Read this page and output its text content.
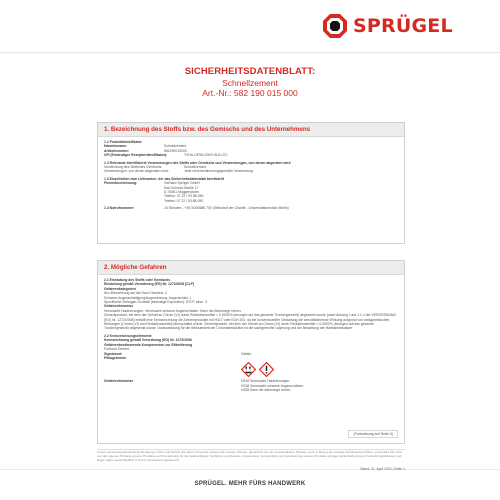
SPRÜGEL
SICHERHEITSDATENBLATT:
Schnellzement
Art.-Nr.: 582 190 015 000
1. Bezeichnung des Stoffs bzw. des Gemischs und des Unternehmens
1.1 Produktidentifikator
Handelsname:	Schnellzement
Artikelnummer:	582190015000
UFI (Eindeutiger Rezepturidentifikator):	TVHA-GE9N-S0KH-5U1J EJ
1.2 Relevante identifizierte Verwendungen des Stoffs oder Gemischs und Verwendungen, von denen abgeraten wird
Verwendung des Stoffs/des Gemischs:	Schnellzement
Verwendungen, von denen abgeraten wird:	Jede nicht bestimmungsgemäße Verwendung
1.3 Einzelheiten zum Lieferanten, der das Sicherheitsdatenblatt bereitstellt
Firmenbezeichnung:	Gerhard Sprügel GmbH
Karl-Schmid-Straße 17
D-76461 Muggensturm
Telefon: 07 22 / 93 88-050
Telefax: 07 22 / 93 88-050
1.4 Notrufnummer:	24 Stunden - +49 30/30686 700 (Giftnotruf der Charité - Universitätsmedizin Berlin)
2. Mögliche Gefahren
2.1 Einstufung des Stoffs oder Gemischs
Einstufung gemäß Verordnung (EG) Nr. 1272/2008 [CLP]
Gefahrenkategorien
Ätz-/Reizwirkung auf die Haut: Hautreiz. 2
Schwere Augenschädigung/Augenreizung: Augenschäd. 1
Spezifische Zielorgan-Toxizität (einmalige Exposition): STOT einm. 3
Gefahrenhinweise
Verursacht Hautreizungen. Verursacht schwere Augenschäden. Kann die Atemwege reizen.
Zementprodukt, bei dem der Gehalt an Chrom (VI) durch Reduktionsmittel < 0,0002% (bezogen auf das gesamte Trockengewicht) abgesenkt wurde (nach Anhang I und 1.1.4 der VERORDNUNG (EG) Nr. 1272/2008) entfallt eine Kennzeichnung die Zementprodukte mit H317 oder EUH 203, da bei konventioneller Gestaltung die sensibilisierende Wirkung aufgrund von antagonistischen Wirkungen (Chrom (VI) und Reduktionsmittel) überschattet würde. Zementprodukt, bei dem der Gehalt an Chrom (VI) durch Reduktionsmittel < 0,0002% (bezogen auf das gesamte Trockengewicht) abgesenkt wurde. Voraussetzung für die Wirksamkeit der Chromatreduktion ist die sachgerechte Lagerung und die Beachtung der Haltbarkeitsdauer.
2.2 Kennzeichnungselemente
Kennzeichnung gemäß Verordnung (EG) Nr. 1272/2008
Gefahrenbestimmende Komponenten zur Etikettierung
Portland Zement
Signalwort:	Gefahr
Piktogramme:
Gefahrenhinweise	H315 Verursacht Hautreizungen.
H318 Verursacht schwere Augenschäden.
H335 Kann die Atemwege reizen.
(Fortsetzung auf Seite 3)
Unsere anwendungstechnische Beratung in Wort und Schrift und durch Versuche erfolgt nach bestem Wissen, gilt jedoch nur als unverbindlicher Hinweis, auch in Bezug auf etwaige Schutzrechte Dritter, und befreit Sie nicht von der eigenen Prüfung unserer Produkte auf ihre Eignung für die beabsichtigten Verfahren und Zwecke. Anwendung, Verwendung und Verarbeitung unserer Produkte erfolgen außerhalb unserer Kontrollmöglichkeiten und liegen daher ausschließlich in Ihrem Verantwortungsbereich.
Stand: 21. April 2022 | Seite 1
SPRÜGEL. MEHR FÜRS HANDWERK
